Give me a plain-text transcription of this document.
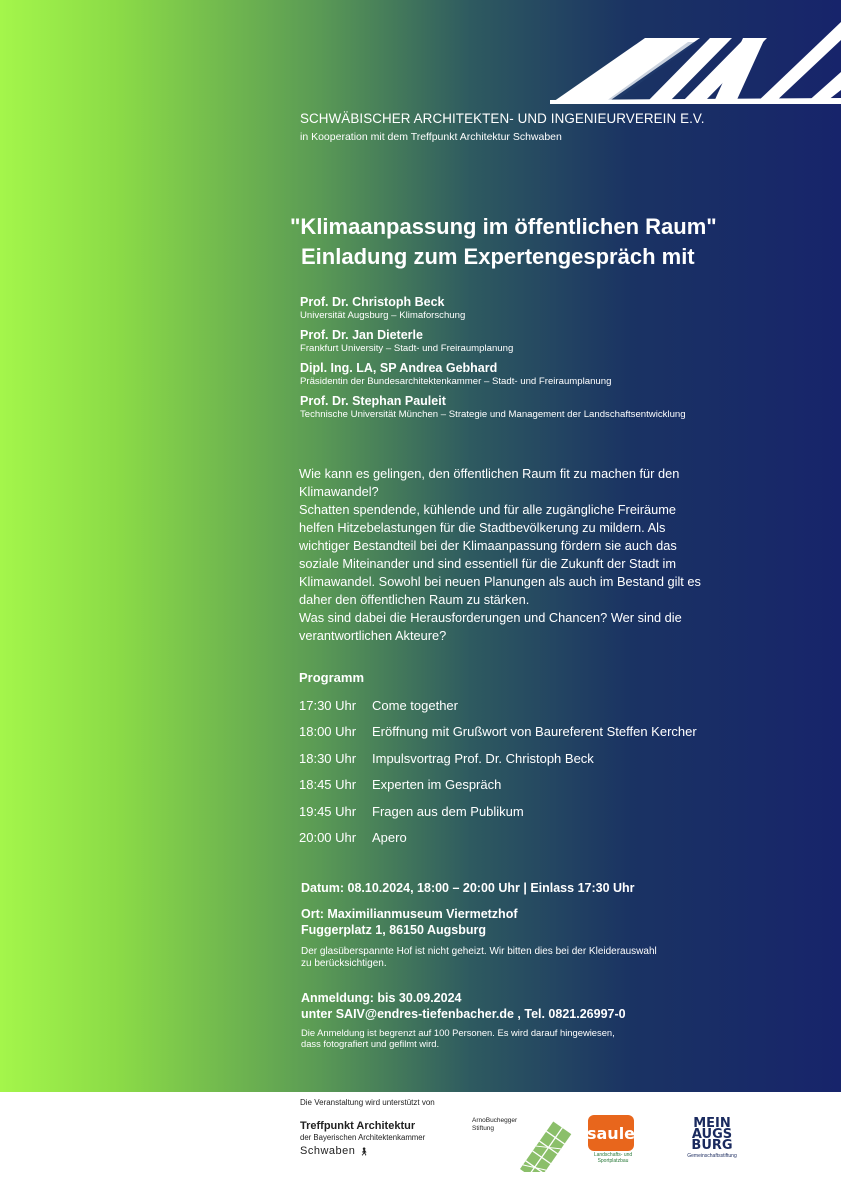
SCHWÄBISCHER ARCHITEKTEN- UND INGENIEURVEREIN E.V.
in Kooperation mit dem Treffpunkt Architektur Schwaben
"Klimaanpassung im öffentlichen Raum"
Einladung zum Expertengespräch mit
Prof. Dr. Christoph Beck
Universität Augsburg – Klimaforschung
Prof. Dr. Jan Dieterle
Frankfurt University – Stadt- und Freiraumplanung
Dipl. Ing. LA, SP Andrea Gebhard
Präsidentin der Bundesarchitektenkammer – Stadt- und Freiraumplanung
Prof. Dr. Stephan Pauleit
Technische Universität München – Strategie und Management der Landschaftsentwicklung
Wie kann es gelingen, den öffentlichen Raum fit zu machen für den
Klimawandel?
Schatten spendende, kühlende und für alle zugängliche Freiräume
helfen Hitzebelastungen für die Stadtbevölkerung zu mildern. Als
wichtiger Bestandteil bei der Klimaanpassung fördern sie auch das
soziale Miteinander und sind essentiell für die Zukunft der Stadt im
Klimawandel. Sowohl bei neuen Planungen als auch im Bestand gilt es
daher den öffentlichen Raum zu stärken.
Was sind dabei die Herausforderungen und Chancen? Wer sind die
verantwortlichen Akteure?
Programm
17:30 Uhr	Come together
18:00 Uhr	Eröffnung mit Grußwort von Baureferent Steffen Kercher
18:30 Uhr	Impulsvortrag Prof. Dr. Christoph Beck
18:45 Uhr	Experten im Gespräch
19:45 Uhr	Fragen aus dem Publikum
20:00 Uhr	Apero
Datum: 08.10.2024, 18:00 – 20:00 Uhr | Einlass 17:30 Uhr
Ort: Maximilianmuseum Viermetzhof
Fuggerplatz 1, 86150 Augsburg
Der glasüberspannte Hof ist nicht geheizt. Wir bitten dies bei der Kleiderauswahl
zu berücksichtigen.
Anmeldung: bis 30.09.2024
unter SAIV@endres-tiefenbacher.de , Tel. 0821.26997-0
Die Anmeldung ist begrenzt auf 100 Personen. Es wird darauf hingewiesen,
dass fotografiert und gefilmt wird.
Die Veranstaltung wird unterstützt von
Treffpunkt Architektur
der Bayerischen Architektenkammer
Schwaben 🚶︎
ArnoBuchegger
Stiftung	saule
Landschafts- und
Sportplatzbau
MEIN
AUGS
BURG
Gemeinschaftsstiftung
